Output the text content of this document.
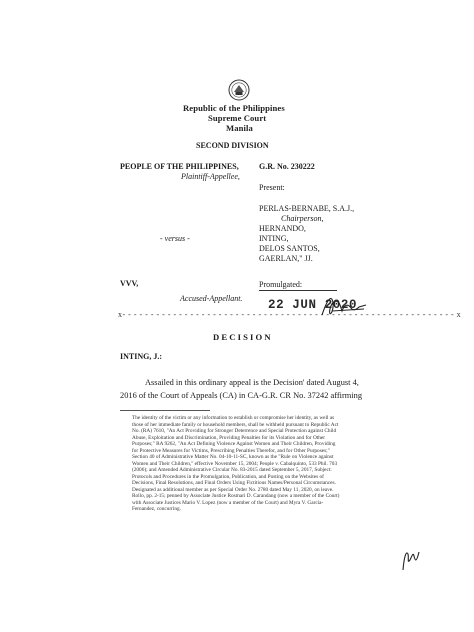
Republic of the Philippines
Supreme Court
Manila
SECOND DIVISION
PEOPLE OF THE PHILIPPINES,
Plaintiff-Appellee,
G.R. No. 230222
Present:
PERLAS-BERNABE, S.A.J.,
Chairperson,
HERNANDO,
INTING,
DELOS SANTOS,
GAERLAN," JJ.
- versus -
VVV,
Accused-Appellant.
Promulgated:
22 JUN 2020
x- - - - - - - - - - - - - - - - - - - - - - - - - - - - - - - - - - - - - - - - - - - - - - - - - - - - - - - - - - - x
D E C I S I O N
INTING, J.:
Assailed in this ordinary appeal is the Decision' dated August 4,
2016 of the Court of Appeals (CA) in CA-G.R. CR No. 37242 affirming
The identity of the victim or any information to establish or compromise her identity, as well as
those of her immediate family or household members, shall be withheld pursuant to Republic Act
No. (RA) 7610, "An Act Providing for Stronger Deterrence and Special Protection against Child
Abuse, Exploitation and Discrimination, Providing Penalties for its Violation and for Other
Purposes;" RA 9262, "An Act Defining Violence Against Women and Their Children, Providing
for Protective Measures for Victims, Prescribing Penalties Therefor, and for Other Purposes;"
Section 40 of Administrative Matter No. 04-10-11-SC, known as the "Rule on Violence against
Women and Their Children," effective November 15, 2004; People v. Cabalquinto, 533 Phil. 703
(2006); and Amended Administrative Circular No. 83-2015 dated September 5, 2017, Subject:
Protocols and Procedures in the Promulgation, Publication, and Posting on the Websites of
Decisions, Final Resolutions, and Final Orders Using Fictitious Names/Personal Circumstances.
Designated as additional member as per Special Order No. 2780 dated May 11, 2020, on leave.
Rollo, pp. 2-15; penned by Associate Justice Rosmari D. Carandang (now a member of the Court)
with Associate Justices Mario V. Lopez (now a member of the Court) and Myra V. Garcia-
Fernandez, concurring.
